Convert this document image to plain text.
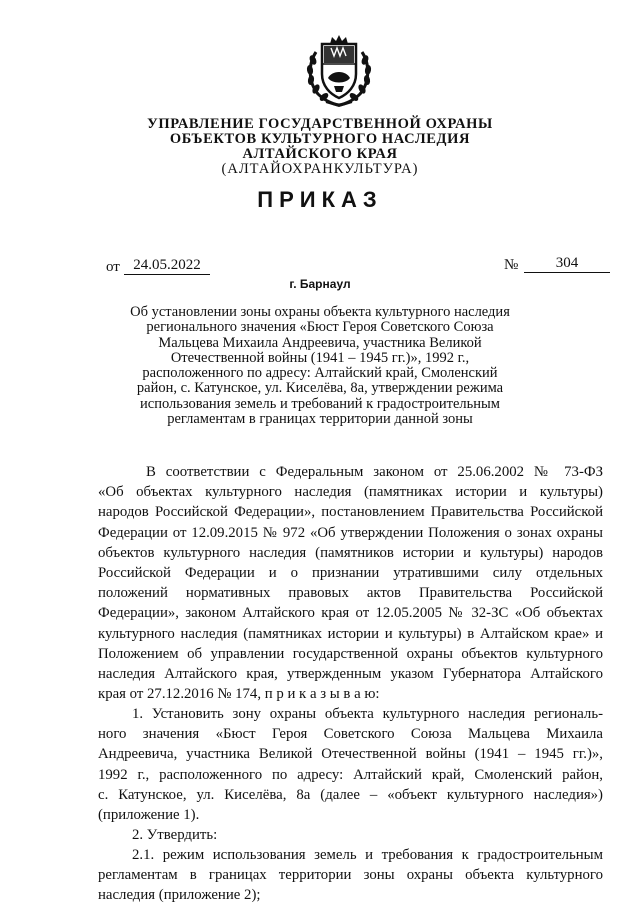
УПРАВЛЕНИЕ ГОСУДАРСТВЕННОЙ ОХРАНЫ
ОБЪЕКТОВ КУЛЬТУРНОГО НАСЛЕДИЯ
АЛТАЙСКОГО КРАЯ
(АЛТАЙОХРАНКУЛЬТУРА)
ПРИКАЗ
от 24.05.2022	№	304
г. Барнаул
Об установлении зоны охраны объекта культурного наследия
регионального значения «Бюст Героя Советского Союза
Мальцева Михаила Андреевича, участника Великой
Отечественной войны (1941 – 1945 гг.)», 1992 г.,
расположенного по адресу: Алтайский край, Смоленский
район, с. Катунское, ул. Киселёва, 8а, утверждении режима
использования земель и требований к градостроительным
регламентам в границах территории данной зоны
В соответствии с Федеральным законом от 25.06.2002 № 73-ФЗ
«Об объектах культурного наследия (памятниках истории и культуры)
народов Российской Федерации», постановлением Правительства Российской
Федерации от 12.09.2015 № 972 «Об утверждении Положения о зонах охраны
объектов культурного наследия (памятников истории и культуры) народов
Российской Федерации и о признании утратившими силу отдельных
положений нормативных правовых актов Правительства Российской
Федерации», законом Алтайского края от 12.05.2005 № 32-ЗС «Об объектах
культурного наследия (памятниках истории и культуры) в Алтайском крае» и
Положением об управлении государственной охраны объектов культурного
наследия Алтайского края, утвержденным указом Губернатора Алтайского
края от 27.12.2016 № 174, п р и к а з ы в а ю:
1. Установить зону охраны объекта культурного наследия региональ-
ного значения «Бюст Героя Советского Союза Мальцева Михаила
Андреевича, участника Великой Отечественной войны (1941 – 1945 гг.)»,
1992 г., расположенного по адресу: Алтайский край, Смоленский район,
с. Катунское, ул. Киселёва, 8а (далее – «объект культурного наследия»)
(приложение 1).
2. Утвердить:
2.1. режим использования земель и требования к градостроительным
регламентам в границах территории зоны охраны объекта культурного
наследия (приложение 2);
